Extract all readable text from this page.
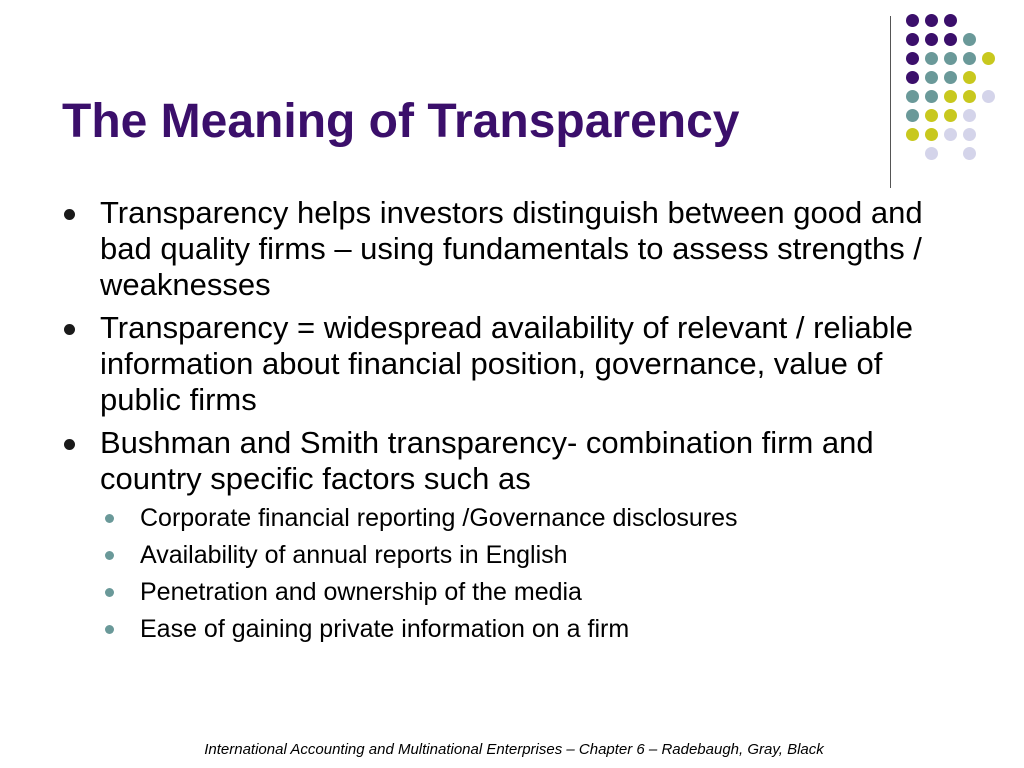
The Meaning of Transparency
Transparency helps investors distinguish between good and bad quality firms – using fundamentals to assess strengths / weaknesses
Transparency = widespread availability of relevant / reliable information about financial position, governance, value of public firms
Bushman and Smith transparency- combination firm and country specific factors such as
Corporate financial reporting /Governance disclosures
Availability of annual reports in English
Penetration and ownership of the media
Ease of gaining private information on a firm
International Accounting and Multinational Enterprises – Chapter 6 – Radebaugh, Gray, Black
